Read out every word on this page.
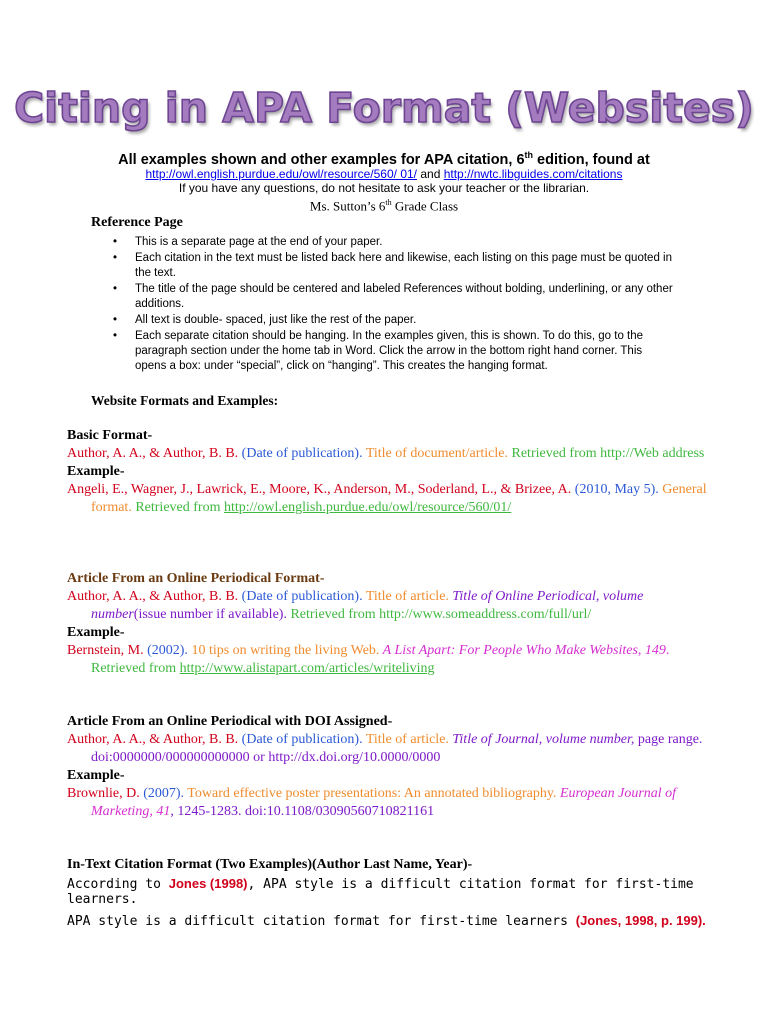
Citing in APA Format (Websites)
All examples shown and other examples for APA citation, 6th edition, found at
http://owl.english.purdue.edu/owl/resource/560/ 01/ and http://nwtc.libguides.com/citations
If you have any questions, do not hesitate to ask your teacher or the librarian.
Ms. Sutton’s 6th Grade Class
Reference Page
• This is a separate page at the end of your paper.
• Each citation in the text must be listed back here and likewise, each listing on this page must be quoted in the text.
• The title of the page should be centered and labeled References without bolding, underlining, or any other additions.
• All text is double- spaced, just like the rest of the paper.
• Each separate citation should be hanging. In the examples given, this is shown. To do this, go to the paragraph section under the home tab in Word. Click the arrow in the bottom right hand corner. This opens a box: under “special”, click on “hanging”. This creates the hanging format.
Website Formats and Examples:
Basic Format-
Author, A. A., & Author, B. B. (Date of publication). Title of document/article. Retrieved from http://Web address
Example-
Angeli, E., Wagner, J., Lawrick, E., Moore, K., Anderson, M., Soderland, L., & Brizee, A. (2010, May 5). General format. Retrieved from http://owl.english.purdue.edu/owl/resource/560/01/
Article From an Online Periodical Format-
Author, A. A., & Author, B. B. (Date of publication). Title of article. Title of Online Periodical, volume number(issue number if available). Retrieved from http://www.someaddress.com/full/url/
Example-
Bernstein, M. (2002). 10 tips on writing the living Web. A List Apart: For People Who Make Websites, 149. Retrieved from http://www.alistapart.com/articles/writeliving
Article From an Online Periodical with DOI Assigned-
Author, A. A., & Author, B. B. (Date of publication). Title of article. Title of Journal, volume number, page range. doi:0000000/000000000000 or http://dx.doi.org/10.0000/0000
Example-
Brownlie, D. (2007). Toward effective poster presentations: An annotated bibliography. European Journal of Marketing, 41, 1245-1283. doi:10.1108/03090560710821161
In-Text Citation Format (Two Examples)(Author Last Name, Year)-
According to Jones (1998), APA style is a difficult citation format for first-time learners.
APA style is a difficult citation format for first-time learners (Jones, 1998, p. 199).
